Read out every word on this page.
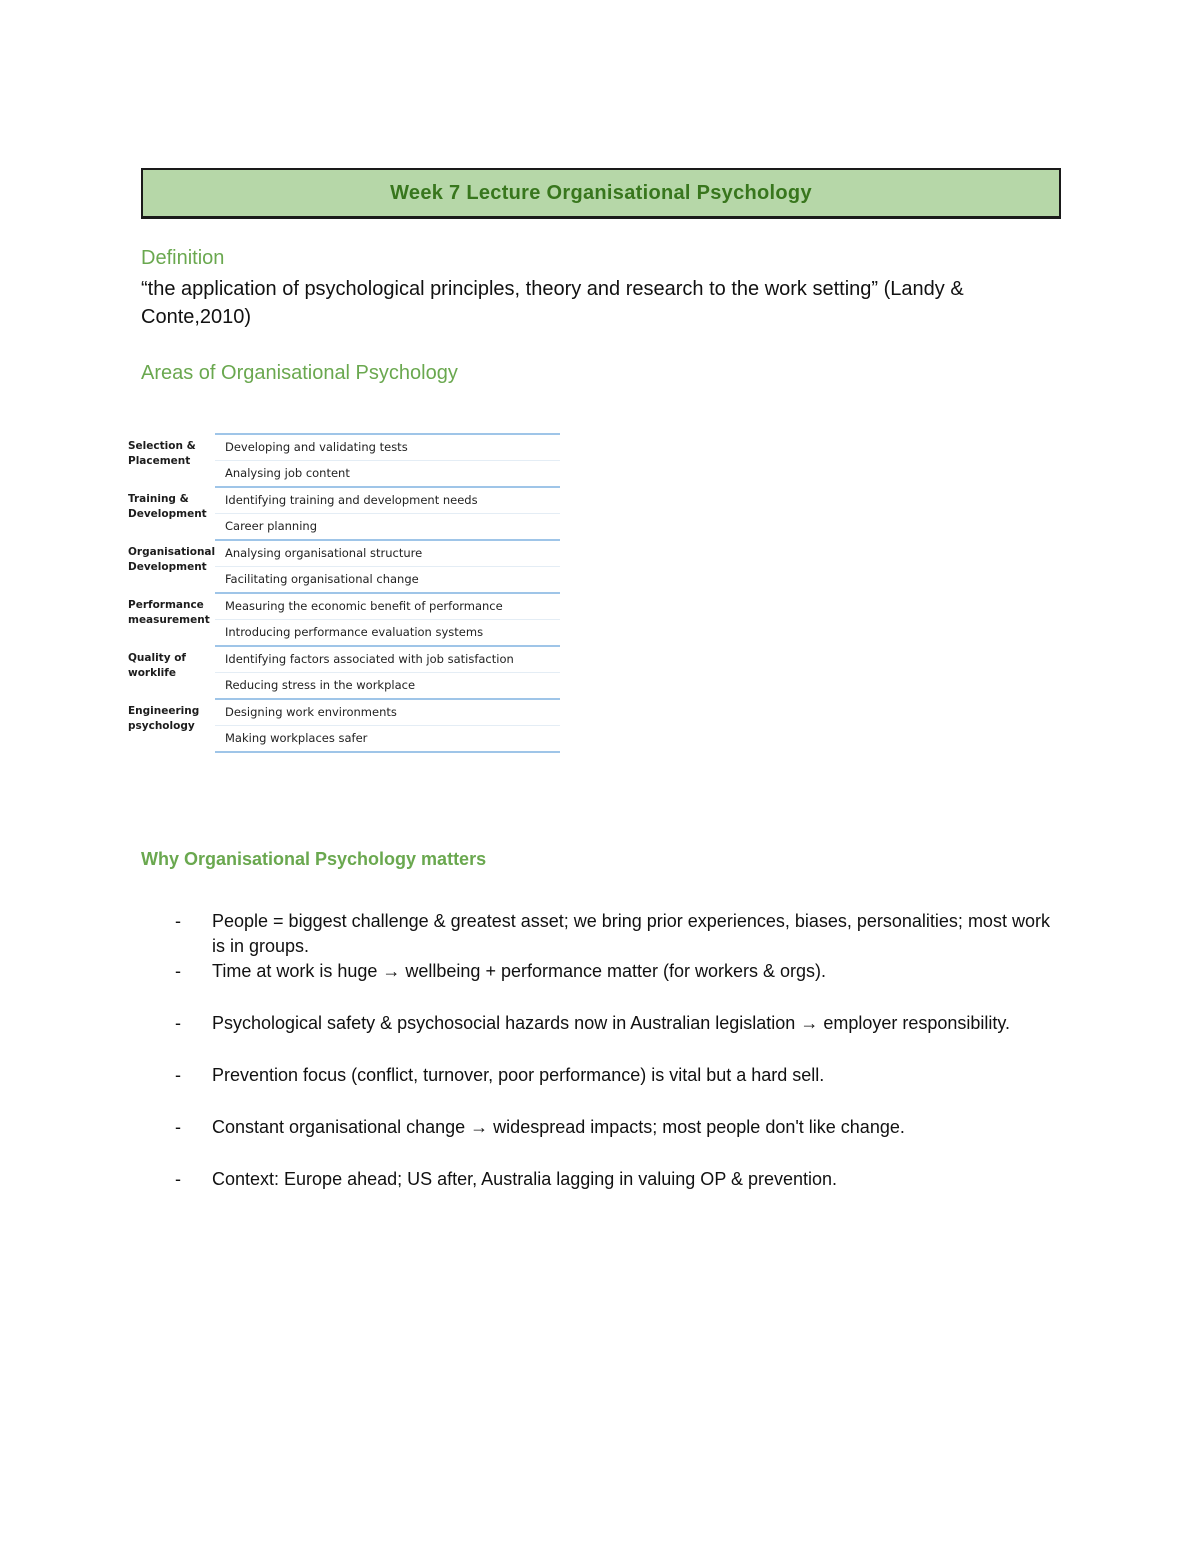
Week 7 Lecture Organisational Psychology
Definition
“the application of psychological principles, theory and research to the work setting” (Landy & Conte,2010)
Areas of Organisational Psychology
Selection & Placement
Developing and validating tests
Analysing job content
Training & Development
Identifying training and development needs
Career planning
Organisational Development
Analysing organisational structure
Facilitating organisational change
Performance measurement
Measuring the economic benefit of performance
Introducing performance evaluation systems
Quality of worklife
Identifying factors associated with job satisfaction
Reducing stress in the workplace
Engineering psychology
Designing work environments
Making workplaces safer
Why Organisational Psychology matters
- People = biggest challenge & greatest asset; we bring prior experiences, biases, personalities; most work is in groups.
- Time at work is huge → wellbeing + performance matter (for workers & orgs).
- Psychological safety & psychosocial hazards now in Australian legislation → employer responsibility.
- Prevention focus (conflict, turnover, poor performance) is vital but a hard sell.
- Constant organisational change → widespread impacts; most people don't like change.
- Context: Europe ahead; US after, Australia lagging in valuing OP & prevention.
